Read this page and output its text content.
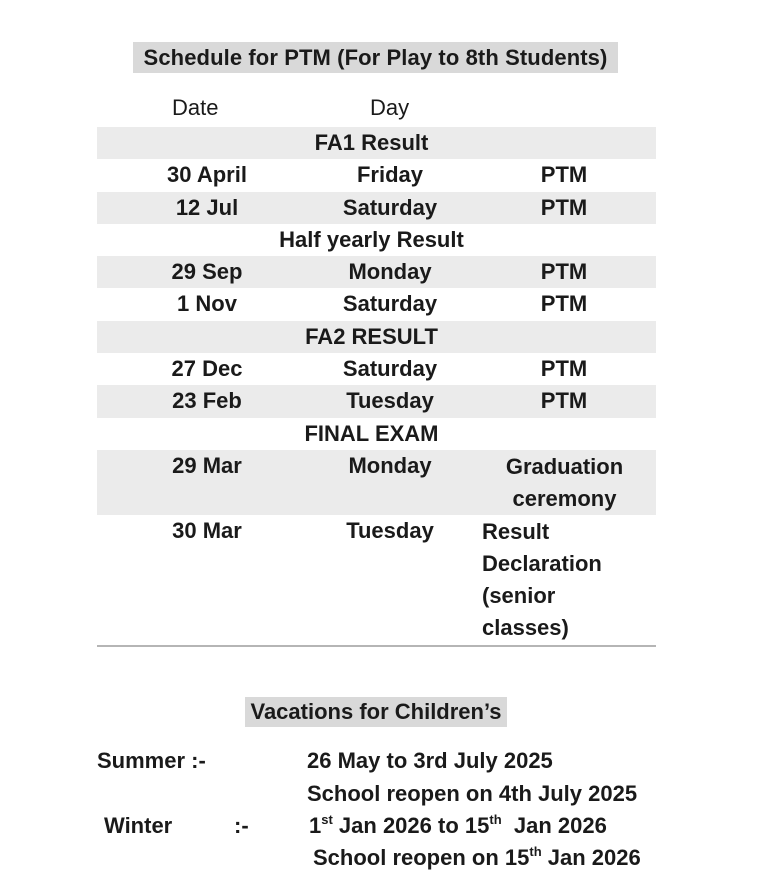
Schedule for PTM (For Play to 8th Students)
Date	Day
FA1 Result
30 April	Friday	PTM
12 Jul	Saturday	PTM
Half yearly Result
29 Sep	Monday	PTM
1 Nov	Saturday	PTM
FA2 RESULT
27 Dec	Saturday	PTM
23 Feb	Tuesday	PTM
FINAL EXAM
29 Mar	Monday	Graduation ceremony
30 Mar	Tuesday	Result
Declaration
(senior
classes)
Vacations for Children’s
Summer :-	26 May to 3rd July 2025
School reopen on 4th July 2025
Winter	:-	1st Jan 2026 to 15th  Jan 2026
School reopen on 15th Jan 2026
